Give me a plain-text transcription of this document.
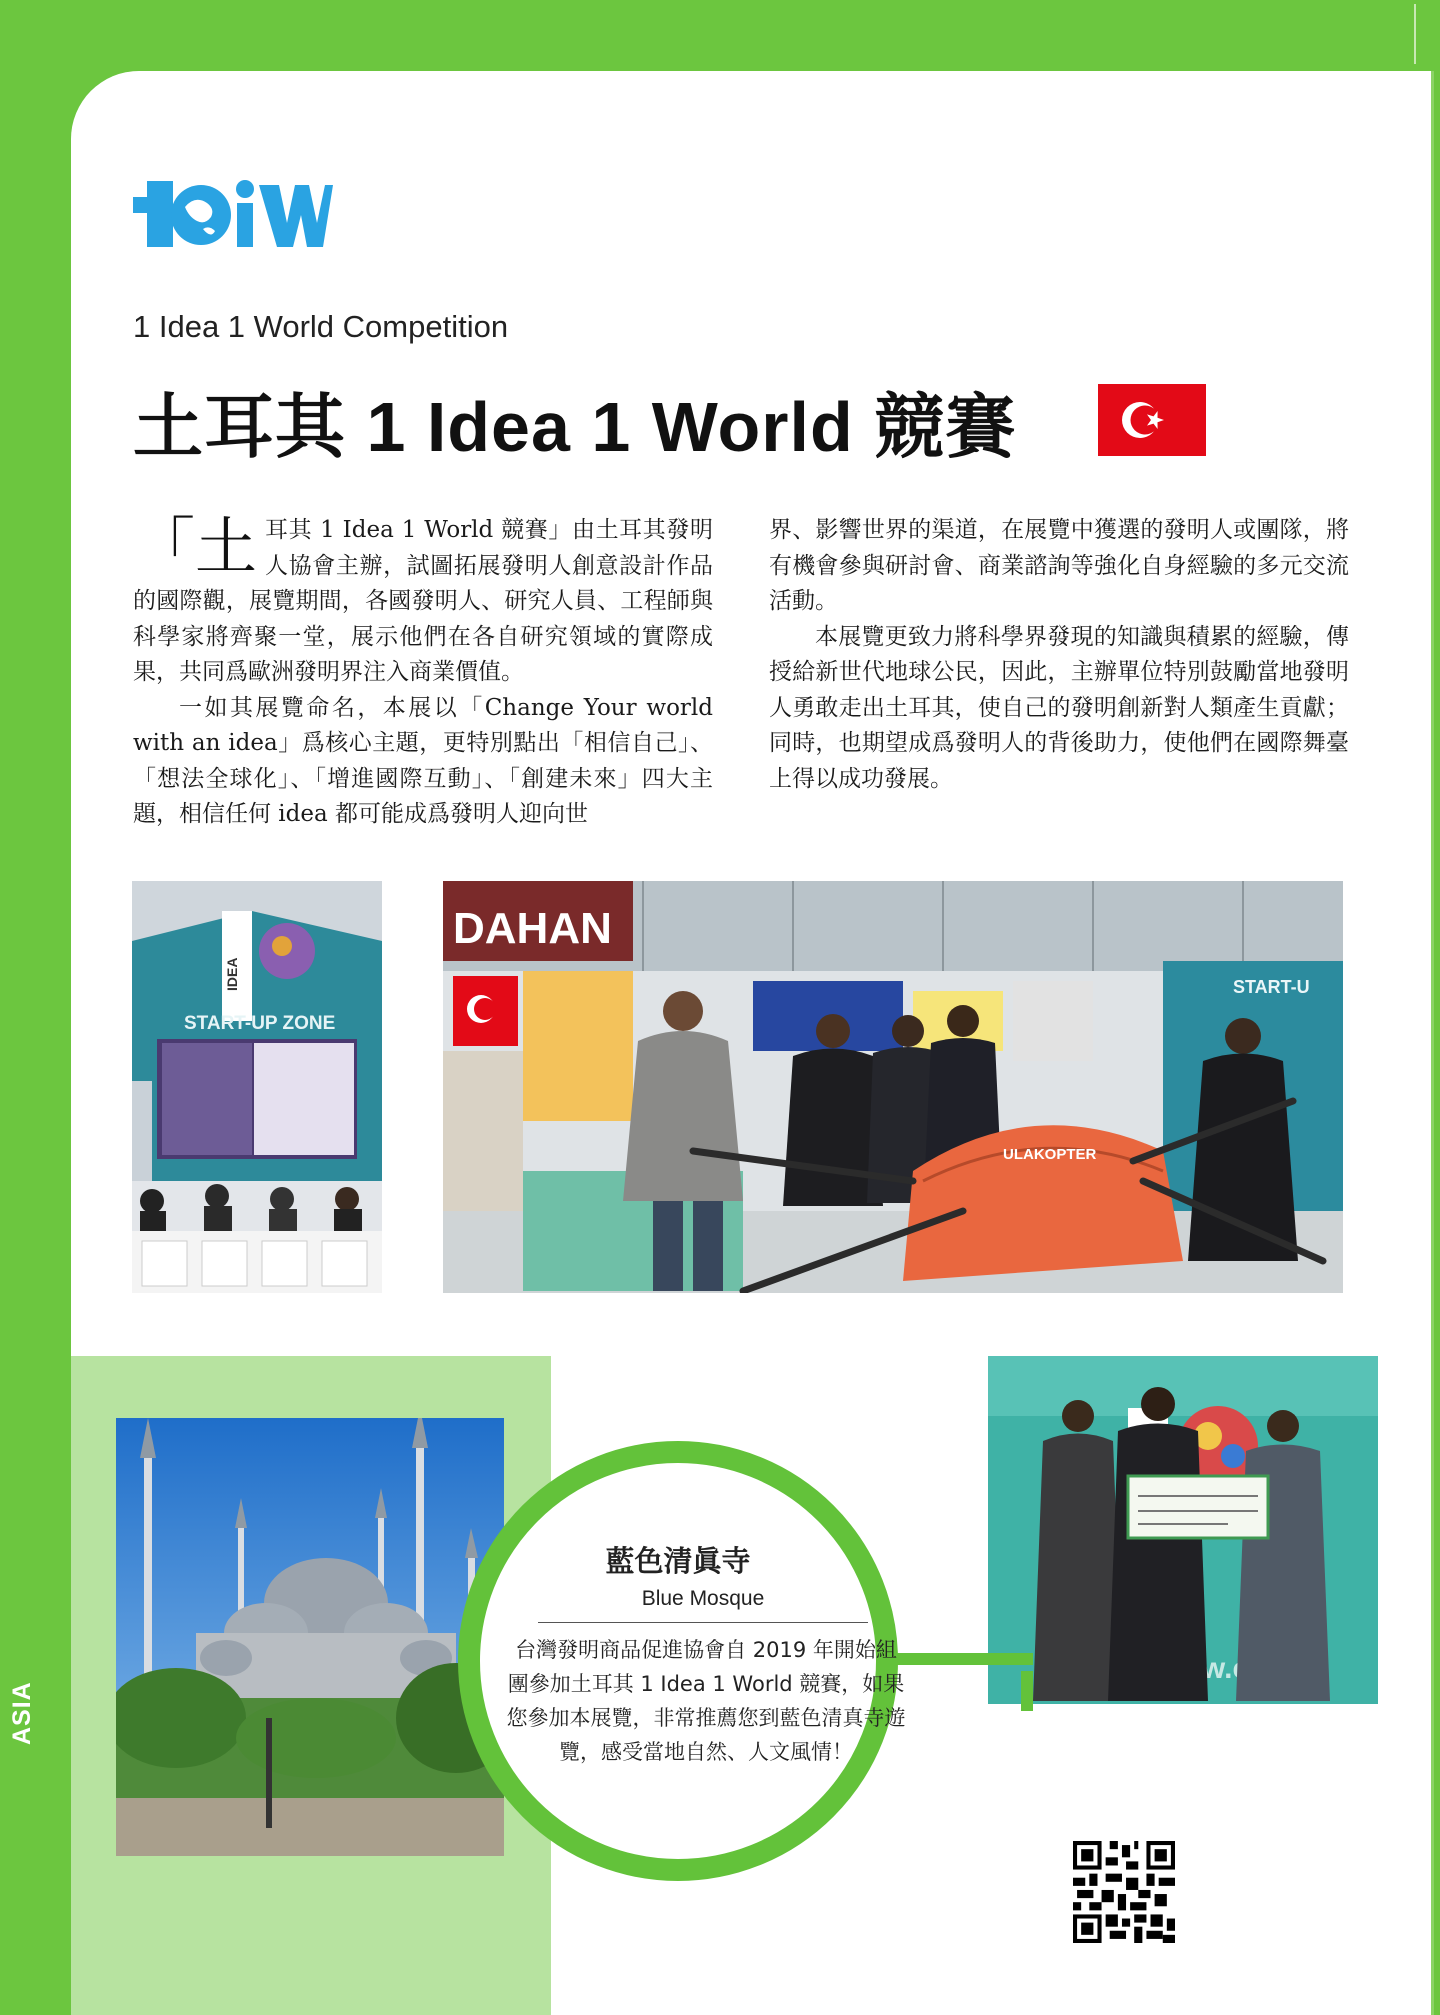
1 Idea 1 World Competition
土耳其 1 Idea 1 World 競賽

「土耳其 1 Idea 1 World 競賽」由土耳其發明人協會主辦，試圖拓展發明人創意設計作品的國際觀，展覽期間，各國發明人、研究人員、工程師與科學家將齊聚一堂，展示他們在各自研究領域的實際成果，共同爲歐洲發明界注入商業價值。

一如其展覽命名，本展以「Change Your world with an idea」爲核心主題，更特別點出「相信自己」、「想法全球化」、「增進國際互動」、「創建未來」四大主題，相信任何 idea 都可能成爲發明人迎向世

界、影響世界的渠道，在展覽中獲選的發明人或團隊，將有機會參與研討會、商業諮詢等強化自身經驗的多元交流活動。

本展覽更致力將科學界發現的知識與積累的經驗，傳授給新世代地球公民，因此，主辦單位特別鼓勵當地發明人勇敢走出土耳其，使自己的發明創新對人類產生貢獻；同時，也期望成爲發明人的背後助力，使他們在國際舞臺上得以成功發展。

IDEA
START-UP ZONE
DAHAN
START-U
ULAKOPTER
藍色清眞寺
Blue Mosque
台灣發明商品促進協會自 2019 年開始組團參加土耳其 1 Idea 1 World 競賽，如果您參加本展覽，非常推薦您到藍色清真寺遊覽，感受當地自然、人文風情！
ASIA
